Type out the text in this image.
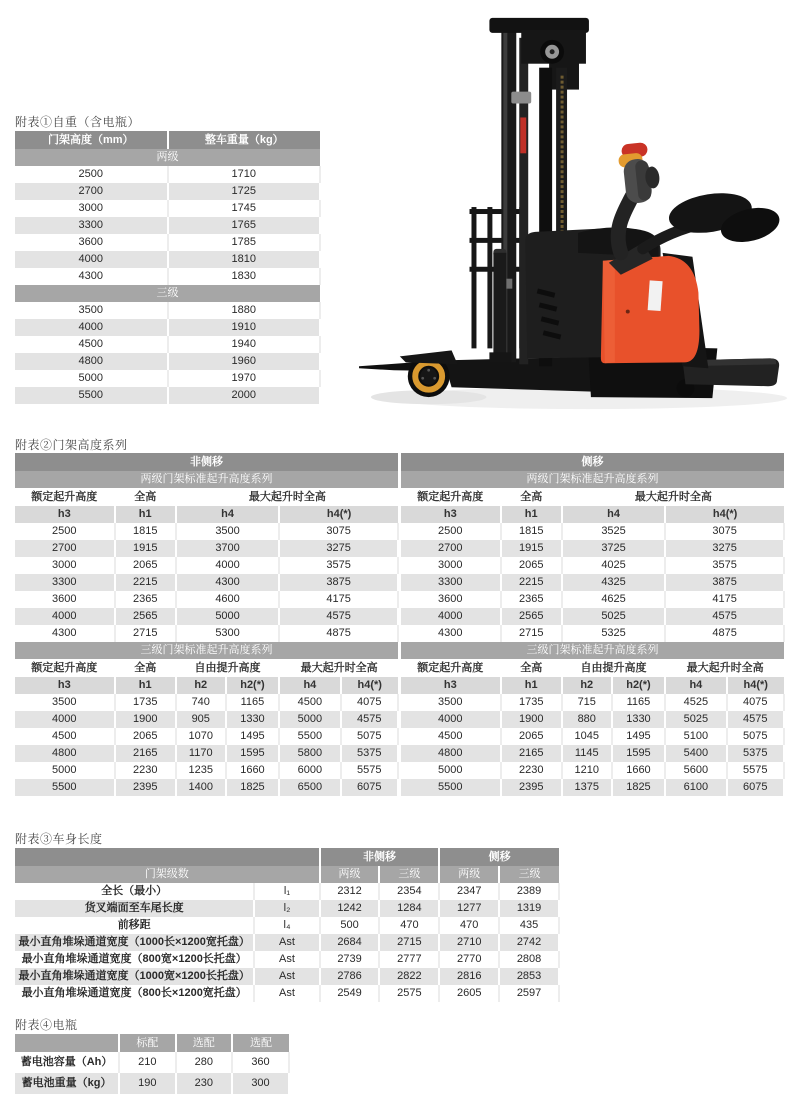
附表①自重（含电瓶）
门架高度（mm）	整车重量（kg）
两级	
2500	1710
2700	1725
3000	1745
3300	1765
3600	1785
4000	1810
4300	1830
三级	
3500	1880
4000	1910
4500	1940
4800	1960
5000	1970
5500	2000
附表②门架高度系列
非侧移					
两级门架标准起升高度系列					
额定起升高度	全高	最大起升时全高			
h3	h1	h4		h4(*)	
2500	1815	3500		3075	
2700	1915	3700		3275	
3000	2065	4000		3575	
3300	2215	4300		3875	
3600	2365	4600		4175	
4000	2565	5000		4575	
4300	2715	5300		4875	
三级门架标准起升高度系列					
额定起升高度	全高	自由提升高度		最大起升时全高	
h3	h1	h2	h2(*)	h4	h4(*)
3500	1735	740	1165	4500	4075
4000	1900	905	1330	5000	4575
4500	2065	1070	1495	5500	5075
4800	2165	1170	1595	5800	5375
5000	2230	1235	1660	6000	5575
5500	2395	1400	1825	6500	6075
侧移					
两级门架标准起升高度系列					
额定起升高度	全高	最大起升时全高			
h3	h1	h4		h4(*)	
2500	1815	3525		3075	
2700	1915	3725		3275	
3000	2065	4025		3575	
3300	2215	4325		3875	
3600	2365	4625		4175	
4000	2565	5025		4575	
4300	2715	5325		4875	
三级门架标准起升高度系列					
额定起升高度	全高	自由提升高度		最大起升时全高	
h3	h1	h2	h2(*)	h4	h4(*)
3500	1735	715	1165	4525	4075
4000	1900	880	1330	5025	4575
4500	2065	1045	1495	5100	5075
4800	2165	1145	1595	5400	5375
5000	2230	1210	1660	5600	5575
5500	2395	1375	1825	6100	6075
附表③车身长度
		非侧移		侧移	
门架级数		两级	三级	两级	三级
全长（最小）	l₁	2312	2354	2347	2389
货叉端面至车尾长度	l₂	1242	1284	1277	1319
前移距	l₄	500	470	470	435
最小直角堆垛通道宽度（1000长×1200宽托盘）	Ast	2684	2715	2710	2742
最小直角堆垛通道宽度（800宽×1200长托盘）	Ast	2739	2777	2770	2808
最小直角堆垛通道宽度（1000宽×1200长托盘）	Ast	2786	2822	2816	2853
最小直角堆垛通道宽度（800长×1200宽托盘）	Ast	2549	2575	2605	2597
附表④电瓶
	标配	选配	选配
蓄电池容量（Ah）	210	280	360
蓄电池重量（kg）	190	230	300
